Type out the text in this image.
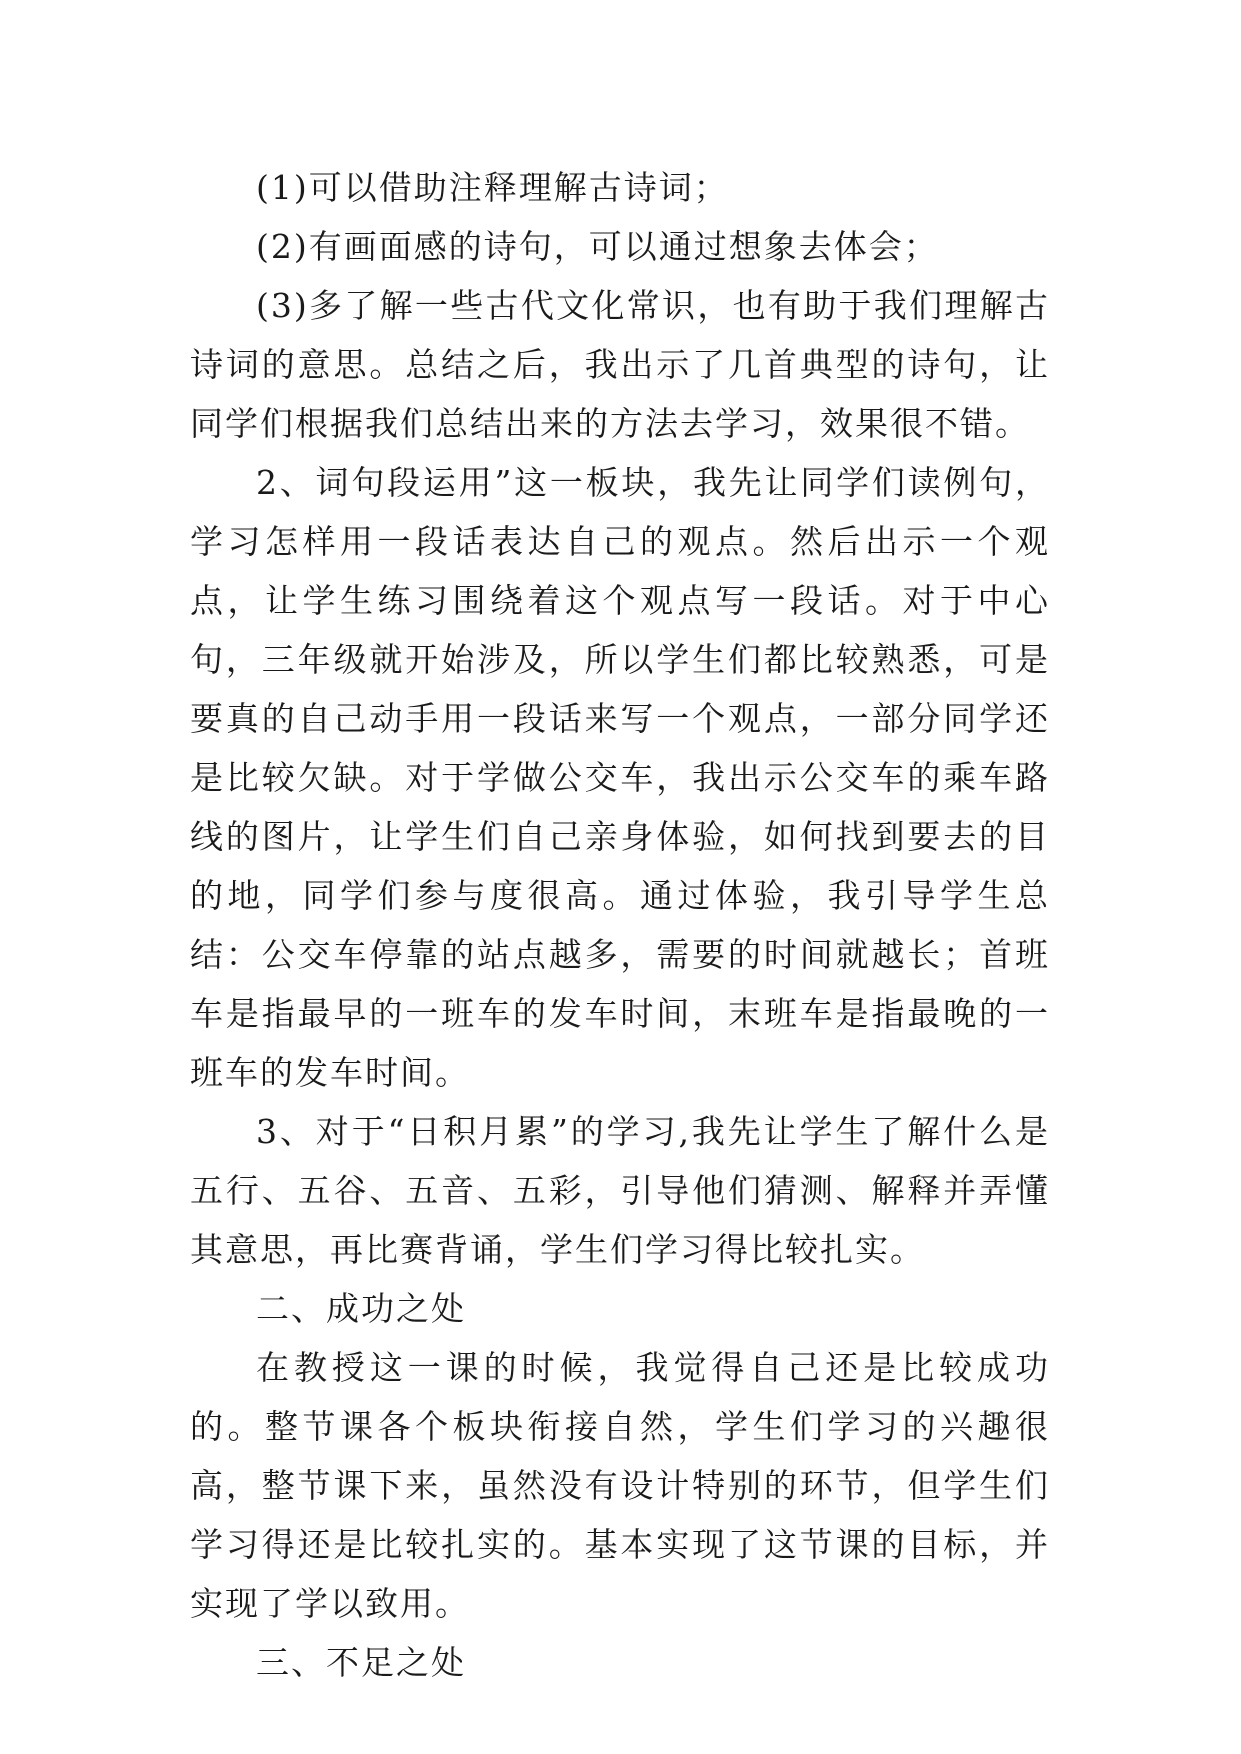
(1)可以借助注释理解古诗词；

(2)有画面感的诗句，可以通过想象去体会；

(3)多了解一些古代文化常识，也有助于我们理解古诗词的意思。总结之后，我出示了几首典型的诗句，让同学们根据我们总结出来的方法去学习，效果很不错。

2、词句段运用”这一板块，我先让同学们读例句，学习怎样用一段话表达自己的观点。然后出示一个观点，让学生练习围绕着这个观点写一段话。对于中心句，三年级就开始涉及，所以学生们都比较熟悉，可是要真的自己动手用一段话来写一个观点，一部分同学还是比较欠缺。对于学做公交车，我出示公交车的乘车路线的图片，让学生们自己亲身体验，如何找到要去的目的地，同学们参与度很高。通过体验，我引导学生总结：公交车停靠的站点越多，需要的时间就越长；首班车是指最早的一班车的发车时间，末班车是指最晚的一班车的发车时间。

3、对于“日积月累”的学习,我先让学生了解什么是五行、五谷、五音、五彩，引导他们猜测、解释并弄懂其意思，再比赛背诵，学生们学习得比较扎实。

二、成功之处

在教授这一课的时候，我觉得自己还是比较成功的。整节课各个板块衔接自然，学生们学习的兴趣很高，整节课下来，虽然没有设计特别的环节，但学生们学习得还是比较扎实的。基本实现了这节课的目标，并实现了学以致用。

三、不足之处
